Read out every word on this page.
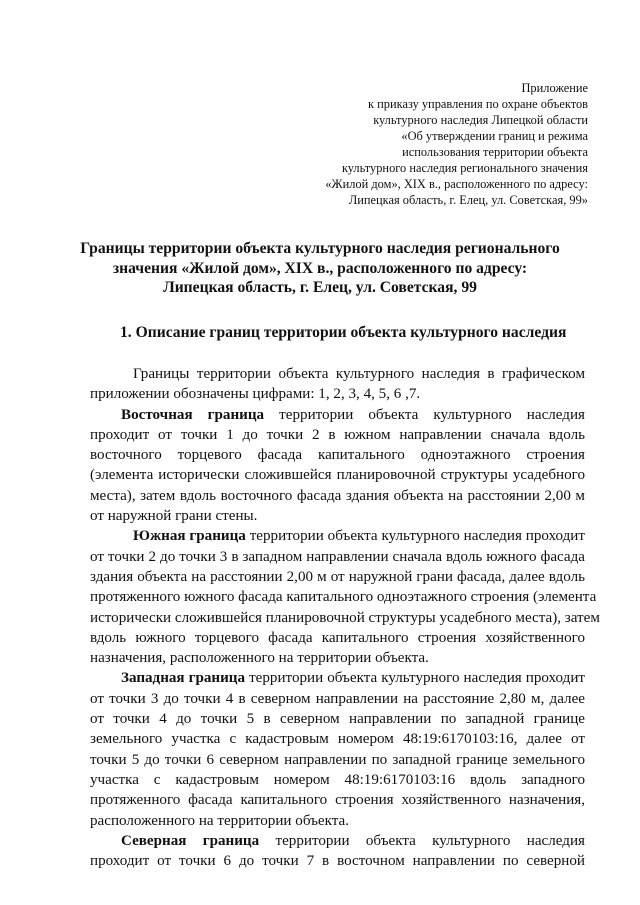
Приложение
к приказу управления по охране объектов
культурного наследия Липецкой области
«Об утверждении границ и режима
использования территории объекта
культурного наследия регионального значения
«Жилой дом», XIX в., расположенного по адресу:
Липецкая область, г. Елец, ул. Советская, 99»
Границы территории объекта культурного наследия регионального
значения «Жилой дом», XIX в., расположенного по адресу:
Липецкая область, г. Елец, ул. Советская, 99
1. Описание границ территории объекта культурного наследия

Границы территории объекта культурного наследия в графическом
приложении обозначены цифрами: 1, 2, 3, 4, 5, 6 ,7.

Восточная граница территории объекта культурного наследия
проходит от точки 1 до точки 2 в южном направлении сначала вдоль
восточного торцевого фасада капитального одноэтажного строения
(элемента исторически сложившейся планировочной структуры усадебного
места), затем вдоль восточного фасада здания объекта на расстоянии 2,00 м
от наружной грани стены.

Южная граница территории объекта культурного наследия проходит
от точки 2 до точки 3 в западном направлении сначала вдоль южного фасада
здания объекта на расстоянии 2,00 м от наружной грани фасада, далее вдоль
протяженного южного фасада капитального одноэтажного строения (элемента
исторически сложившейся планировочной структуры усадебного места), затем
вдоль южного торцевого фасада капитального строения хозяйственного
назначения, расположенного на территории объекта.

Западная граница территории объекта культурного наследия проходит
от точки 3 до точки 4 в северном направлении на расстояние 2,80 м, далее
от точки 4 до точки 5 в северном направлении по западной границе
земельного участка с кадастровым номером 48:19:6170103:16, далее от
точки 5 до точки 6 северном направлении по западной границе земельного
участка с кадастровым номером 48:19:6170103:16 вдоль западного
протяженного фасада капитального строения хозяйственного назначения,
расположенного на территории объекта.

Северная граница территории объекта культурного наследия
проходит от точки 6 до точки 7 в восточном направлении по северной
